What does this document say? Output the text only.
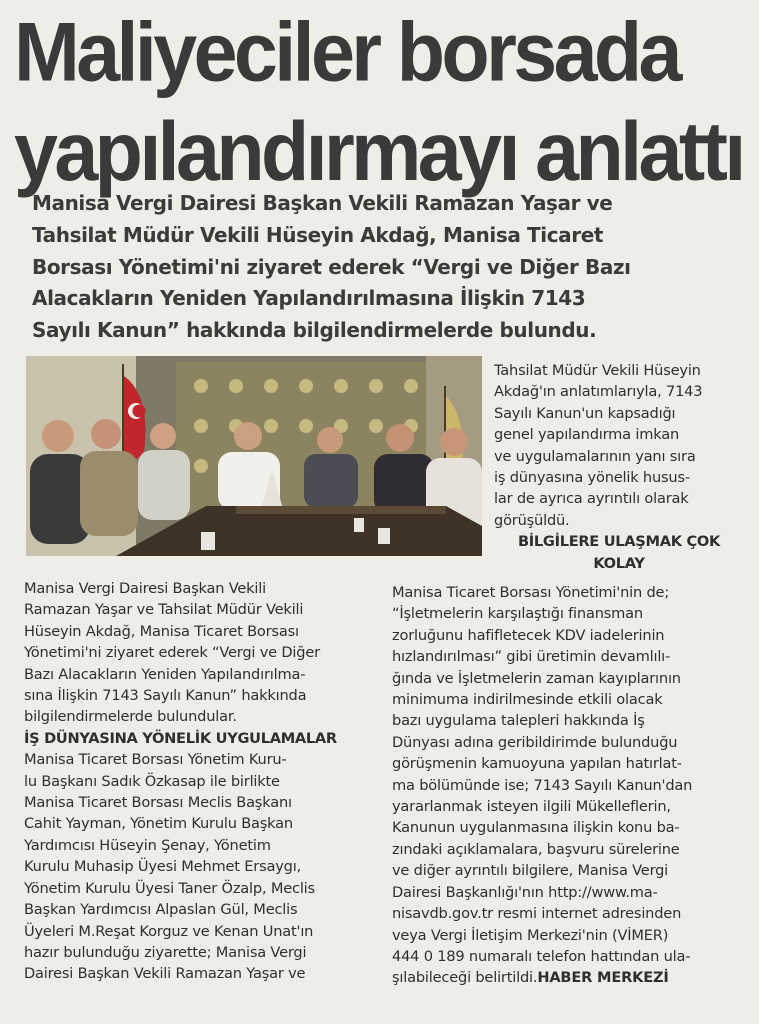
Maliyeciler borsada
yapılandırmayı anlattı

Manisa Vergi Dairesi Başkan Vekili Ramazan Yaşar ve
Tahsilat Müdür Vekili Hüseyin Akdağ, Manisa Ticaret
Borsası Yönetimi'ni ziyaret ederek “Vergi ve Diğer Bazı
Alacakların Yeniden Yapılandırılmasına İlişkin 7143
Sayılı Kanun” hakkında bilgilendirmelerde bulundu.

Tahsilat Müdür Vekili Hüseyin
Akdağ'ın anlatımlarıyla, 7143
Sayılı Kanun'un kapsadığı
genel yapılandırma imkan
ve uygulamalarının yanı sıra
iş dünyasına yönelik husus-
lar de ayrıca ayrıntılı olarak
görüşüldü.
BİLGİLERE ULAŞMAK ÇOK
KOLAY
Manisa Vergi Dairesi Başkan Vekili
Ramazan Yaşar ve Tahsilat Müdür Vekili
Hüseyin Akdağ, Manisa Ticaret Borsası
Yönetimi'ni ziyaret ederek “Vergi ve Diğer
Bazı Alacakların Yeniden Yapılandırılma-
sına İlişkin 7143 Sayılı Kanun” hakkında
bilgilendirmelerde bulundular.
İŞ DÜNYASINA YÖNELİK UYGULAMALAR
Manisa Ticaret Borsası Yönetim Kuru-
lu Başkanı Sadık Özkasap ile birlikte
Manisa Ticaret Borsası Meclis Başkanı
Cahit Yayman, Yönetim Kurulu Başkan
Yardımcısı Hüseyin Şenay, Yönetim
Kurulu Muhasip Üyesi Mehmet Ersaygı,
Yönetim Kurulu Üyesi Taner Özalp, Meclis
Başkan Yardımcısı Alpaslan Gül, Meclis
Üyeleri M.Reşat Korguz ve Kenan Unat'ın
hazır bulunduğu ziyarette; Manisa Vergi
Dairesi Başkan Vekili Ramazan Yaşar ve
Manisa Ticaret Borsası Yönetimi'nin de;
“İşletmelerin karşılaştığı finansman
zorluğunu hafifletecek KDV iadelerinin
hızlandırılması” gibi üretimin devamlılı-
ğında ve İşletmelerin zaman kayıplarının
minimuma indirilmesinde etkili olacak
bazı uygulama talepleri hakkında İş
Dünyası adına geribildirimde bulunduğu
görüşmenin kamuoyuna yapılan hatırlat-
ma bölümünde ise; 7143 Sayılı Kanun'dan
yararlanmak isteyen ilgili Mükelleflerin,
Kanunun uygulanmasına ilişkin konu ba-
zındaki açıklamalara, başvuru sürelerine
ve diğer ayrıntılı bilgilere, Manisa Vergi
Dairesi Başkanlığı'nın http://www.ma-
nisavdb.gov.tr resmi internet adresinden
veya Vergi İletişim Merkezi'nin (VİMER)
444 0 189 numaralı telefon hattından ula-
şılabileceği belirtildi.HABER MERKEZİ
